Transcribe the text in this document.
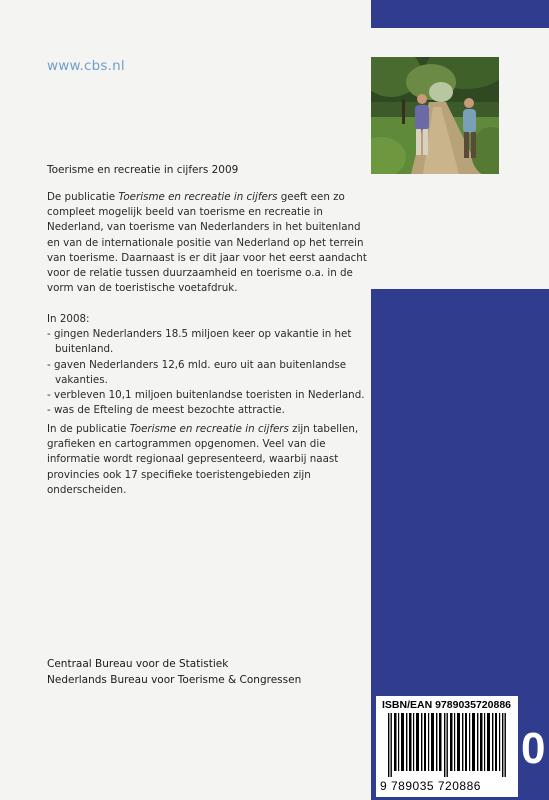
www.cbs.nl
Toerisme en recreatie in cijfers 2009

De publicatie Toerisme en recreatie in cijfers geeft een zo compleet mogelijk beeld van toerisme en recreatie in Nederland, van toerisme van Nederlanders in het buitenland en van de internationale positie van Nederland op het terrein van toerisme. Daarnaast is er dit jaar voor het eerst aandacht voor de relatie tussen duurzaamheid en toerisme o.a. in de vorm van de toeristische voetafdruk.

In 2008:
- gingen Nederlanders 18.5 miljoen keer op vakantie in het buitenland.
- gaven Nederlanders 12,6 mld. euro uit aan buitenlandse vakanties.
- verbleven 10,1 miljoen buitenlandse toeristen in Nederland.
- was de Efteling de meest bezochte attractie.

In de publicatie Toerisme en recreatie in cijfers zijn tabellen, grafieken en cartogrammen opgenomen. Veel van die informatie wordt regionaal gepresenteerd, waarbij naast provincies ook 17 specifieke toeristengebieden zijn onderscheiden.

Centraal Bureau voor de Statistiek
Nederlands Bureau voor Toerisme & Congressen
ISBN/EAN 9789035720886
9 789035 720886
0
